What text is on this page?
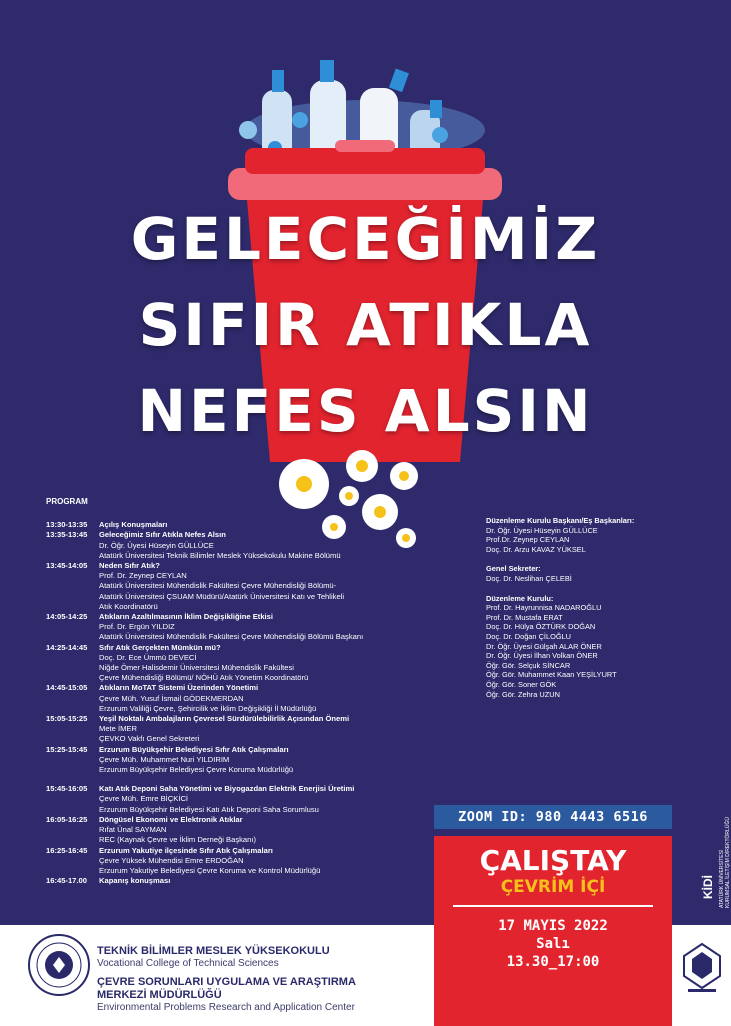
GELECEĞİMİZ
SIFIR ATIKLA
NEFES ALSIN
PROGRAM
13:30-13:35	Açılış Konuşmaları
13:35-13:45	Geleceğimiz Sıfır Atıkla Nefes Alsın
Dr. Öğr. Üyesi Hüseyin GÜLLÜCE
Atatürk Üniversitesi Teknik Bilimler Meslek Yüksekokulu Makine Bölümü
13:45-14:05	Neden Sıfır Atık?
Prof. Dr. Zeynep CEYLAN
Atatürk Üniversitesi Mühendislik Fakültesi Çevre Mühendisliği Bölümü-
Atatürk Üniversitesi ÇSUAM Müdürü/Atatürk Üniversitesi Katı ve Tehlikeli
Atık Koordinatörü
14:05-14:25	Atıkların Azaltılmasının İklim Değişikliğine Etkisi
Prof. Dr. Ergün YILDIZ
Atatürk Üniversitesi Mühendislik Fakültesi Çevre Mühendisliği Bölümü Başkanı
14:25-14:45	Sıfır Atık Gerçekten Mümkün mü?
Doç. Dr. Ece Ümmü DEVECİ
Niğde Ömer Halisdemir Üniversitesi Mühendislik Fakültesi
Çevre Mühendisliği Bölümü/ NÖHÜ Atık Yönetim Koordinatörü
14:45-15:05	Atıkların MoTAT Sistemi Üzerinden Yönetimi
Çevre Müh. Yusuf İsmail GÖDEKMERDAN
Erzurum Valiliği Çevre, Şehircilik ve İklim Değişikliği İl Müdürlüğü
15:05-15:25	Yeşil Noktalı Ambalajların Çevresel Sürdürülebilirlik Açısından Önemi
Mete İMER
ÇEVKO Vakfı Genel Sekreteri
15:25-15:45	Erzurum Büyükşehir Belediyesi Sıfır Atık Çalışmaları
Çevre Müh. Muhammet Nuri YILDIRIM
Erzurum Büyükşehir Belediyesi Çevre Koruma Müdürlüğü
15:45-16:05	Katı Atık Deponi Saha Yönetimi ve Biyogazdan Elektrik Enerjisi Üretimi
Çevre Müh. Emre BİÇKİCİ
Erzurum Büyükşehir Belediyesi Katı Atık Deponi Saha Sorumlusu
16:05-16:25	Döngüsel Ekonomi ve Elektronik Atıklar
Rıfat Ünal SAYMAN
REC (Kaynak Çevre ve İklim Derneği Başkanı)
16:25-16:45	Erzurum Yakutiye ilçesinde Sıfır Atık Çalışmaları
Çevre Yüksek Mühendisi Emre ERDOĞAN
Erzurum Yakutiye Belediyesi Çevre Koruma ve Kontrol Müdürlüğü
16:45-17.00	Kapanış konuşması
Düzenleme Kurulu Başkanı/Eş Başkanları:
Dr. Öğr. Üyesi Hüseyin GÜLLÜCE
Prof.Dr. Zeynep CEYLAN
Doç. Dr. Arzu KAVAZ YÜKSEL
Genel Sekreter:
Doç. Dr. Neslihan ÇELEBİ
Düzenleme Kurulu:
Prof. Dr. Hayrunnisa NADAROĞLU
Prof. Dr. Mustafa ERAT
Doç. Dr. Hülya ÖZTÜRK DOĞAN
Doç. Dr. Doğan ÇİLOĞLU
Dr. Öğr. Üyesi Gülşah ALAR ÖNER
Dr. Öğr. Üyesi İlhan Volkan ÖNER
Öğr. Gör. Selçuk SİNCAR
Öğr. Gör. Muhammet Kaan YEŞİLYURT
Öğr. Gör. Soner GÖK
Öğr. Gör. Zehra UZUN
ATATÜRK ÜNİVERSİTESİ KURUMSAL İLETİŞİM DİREKTÖRLÜĞÜ
KİDİ
ZOOM ID: 980 4443 6516
ÇALIŞTAY
ÇEVRİM İÇİ
17 MAYIS 2022
Salı
13.30_17:00
TEKNİK BİLİMLER MESLEK YÜKSEKOKULU
Vocational College of Technical Sciences
ÇEVRE SORUNLARI UYGULAMA VE ARAŞTIRMA
MERKEZİ MÜDÜRLÜĞÜ
Environmental Problems Research and Application Center
